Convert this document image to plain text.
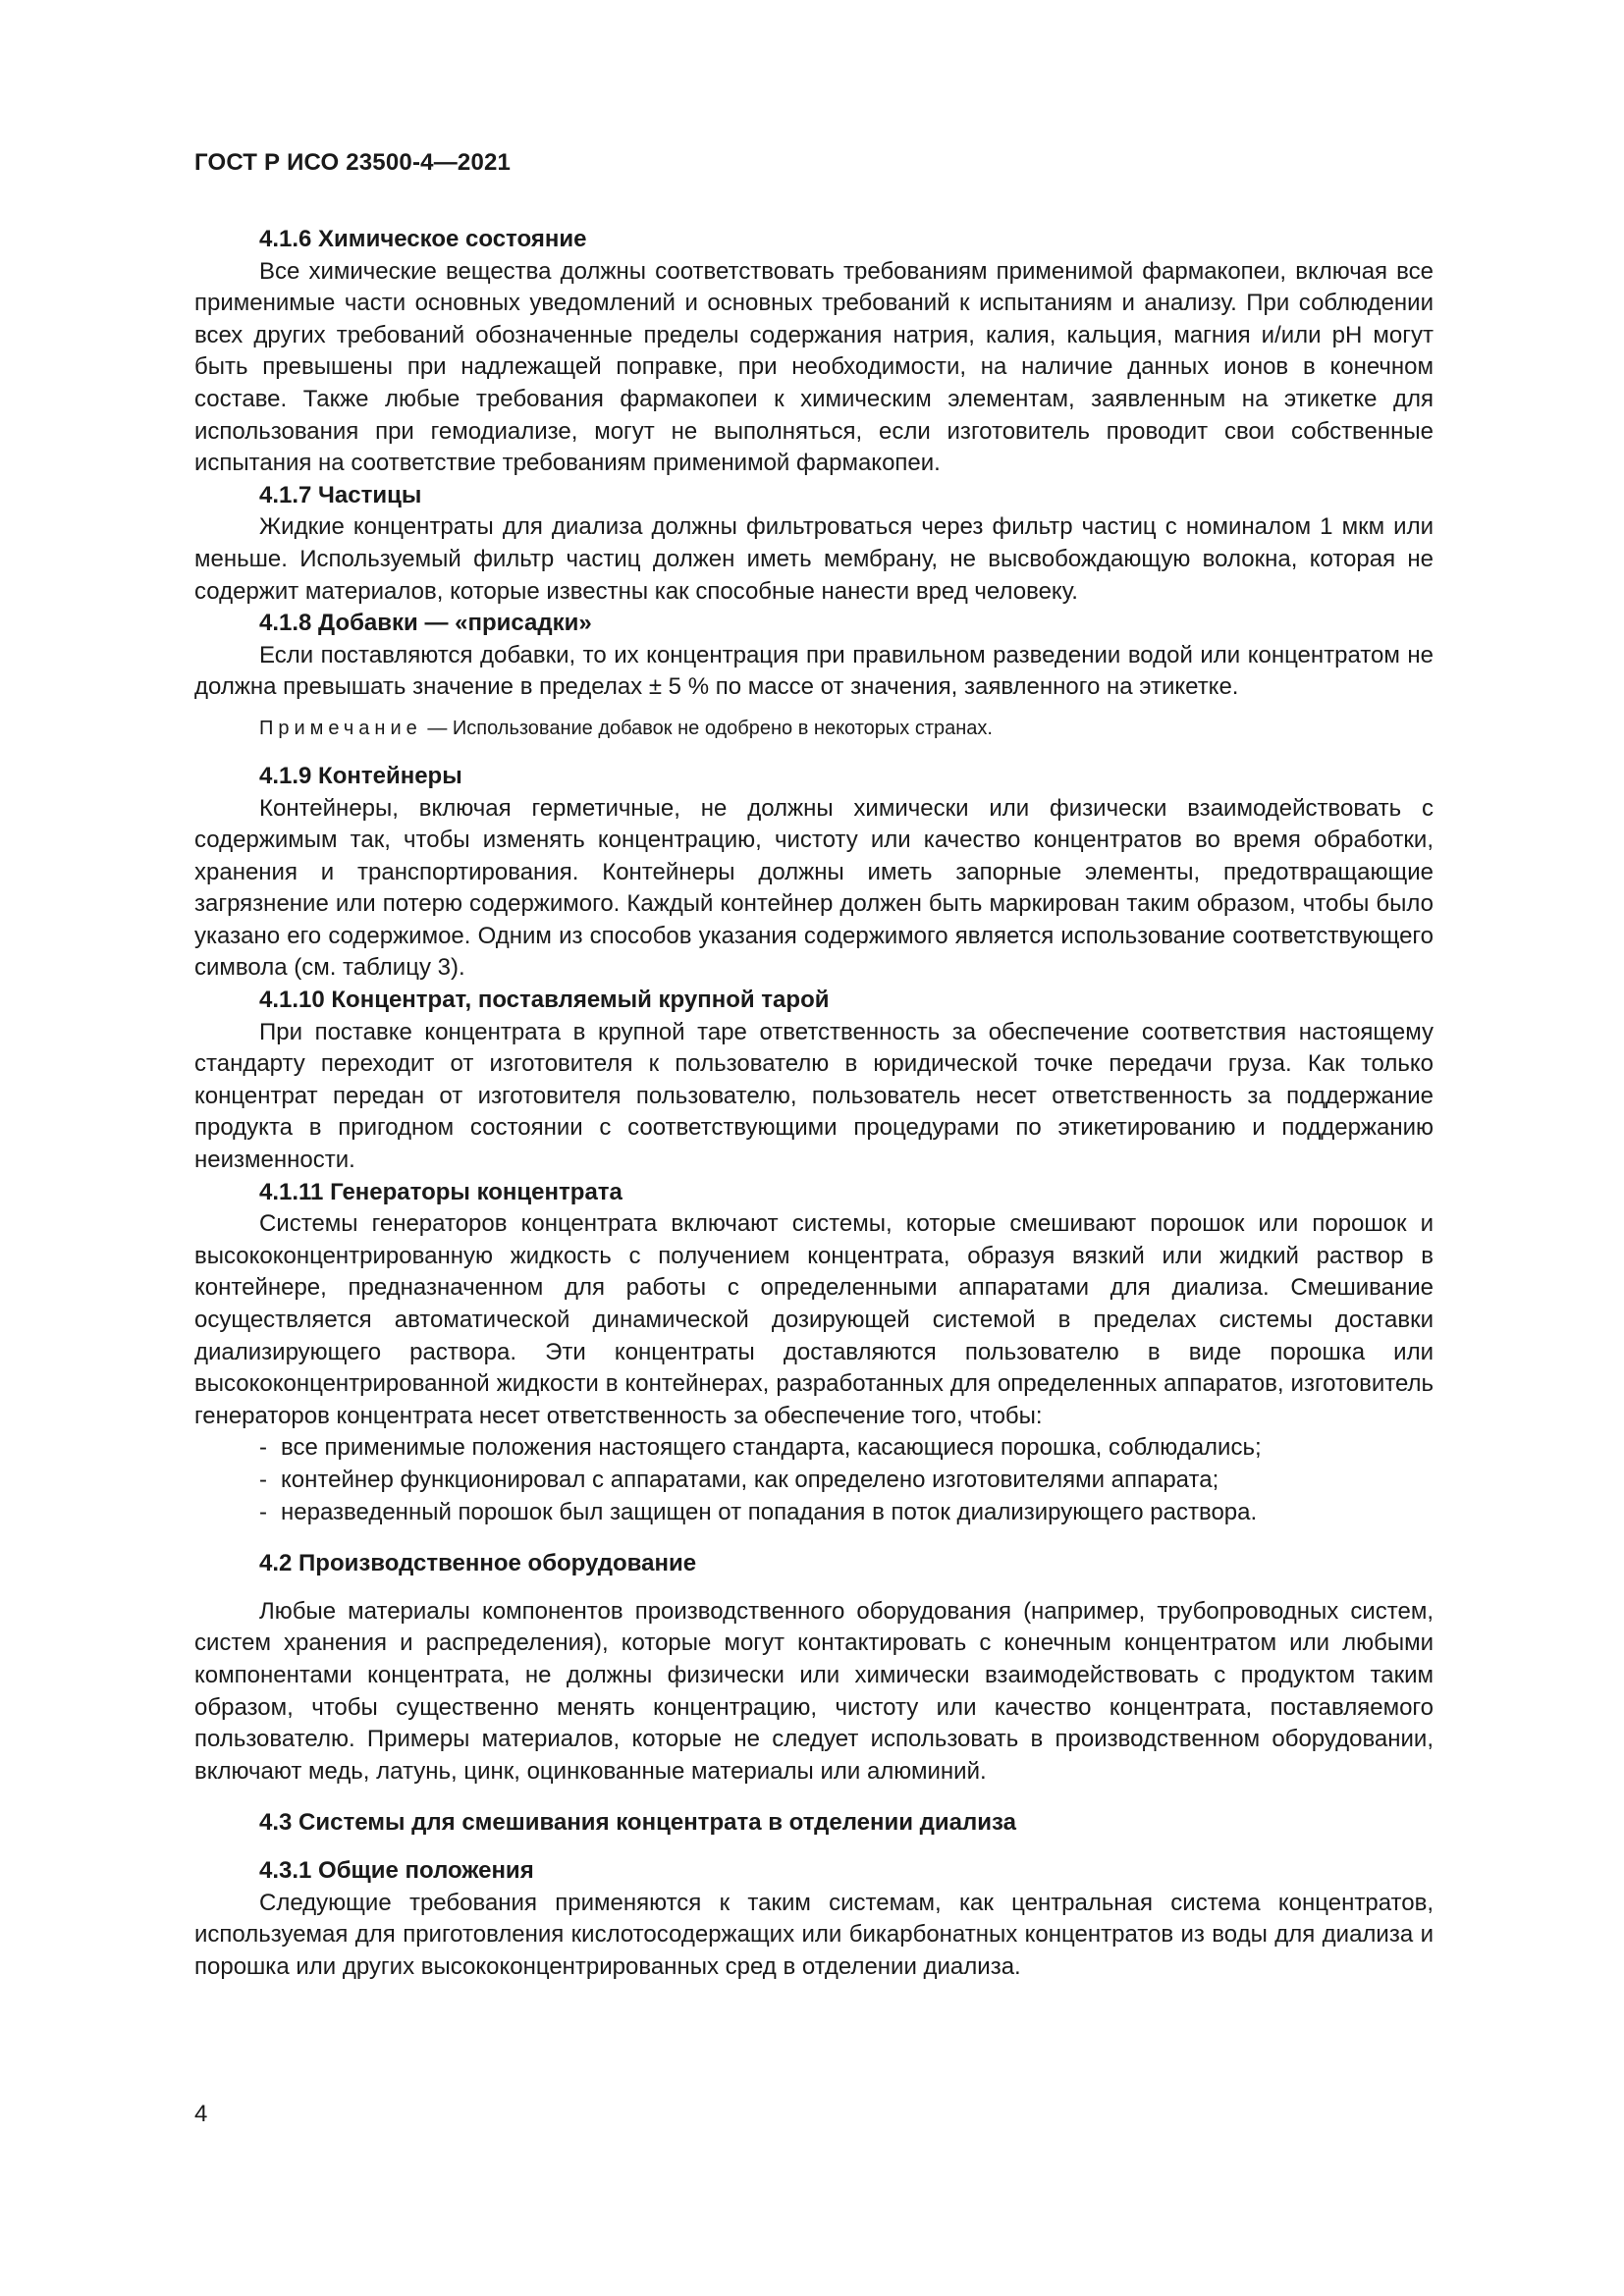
ГОСТ Р ИСО 23500-4—2021

4.1.6 Химическое состояние

Все химические вещества должны соответствовать требованиям применимой фармакопеи, включая все применимые части основных уведомлений и основных требований к испытаниям и анализу. При соблюдении всех других требований обозначенные пределы содержания натрия, калия, кальция, магния и/или pH могут быть превышены при надлежащей поправке, при необходимости, на наличие данных ионов в конечном составе. Также любые требования фармакопеи к химическим элементам, заявленным на этикетке для использования при гемодиализе, могут не выполняться, если изготовитель проводит свои собственные испытания на соответствие требованиям применимой фармакопеи.

4.1.7 Частицы

Жидкие концентраты для диализа должны фильтроваться через фильтр частиц с номиналом 1 мкм или меньше. Используемый фильтр частиц должен иметь мембрану, не высвобождающую волокна, которая не содержит материалов, которые известны как способные нанести вред человеку.

4.1.8 Добавки — «присадки»

Если поставляются добавки, то их концентрация при правильном разведении водой или концентратом не должна превышать значение в пределах ± 5 % по массе от значения, заявленного на этикетке.

Примечание — Использование добавок не одобрено в некоторых странах.

4.1.9 Контейнеры

Контейнеры, включая герметичные, не должны химически или физически взаимодействовать с содержимым так, чтобы изменять концентрацию, чистоту или качество концентратов во время обработки, хранения и транспортирования. Контейнеры должны иметь запорные элементы, предотвращающие загрязнение или потерю содержимого. Каждый контейнер должен быть маркирован таким образом, чтобы было указано его содержимое. Одним из способов указания содержимого является использование соответствующего символа (см. таблицу 3).

4.1.10 Концентрат, поставляемый крупной тарой

При поставке концентрата в крупной таре ответственность за обеспечение соответствия настоящему стандарту переходит от изготовителя к пользователю в юридической точке передачи груза. Как только концентрат передан от изготовителя пользователю, пользователь несет ответственность за поддержание продукта в пригодном состоянии с соответствующими процедурами по этикетированию и поддержанию неизменности.

4.1.11 Генераторы концентрата

Системы генераторов концентрата включают системы, которые смешивают порошок или порошок и высококонцентрированную жидкость с получением концентрата, образуя вязкий или жидкий раствор в контейнере, предназначенном для работы с определенными аппаратами для диализа. Смешивание осуществляется автоматической динамической дозирующей системой в пределах системы доставки диализирующего раствора. Эти концентраты доставляются пользователю в виде порошка или высококонцентрированной жидкости в контейнерах, разработанных для определенных аппаратов, изготовитель генераторов концентрата несет ответственность за обеспечение того, чтобы:

- все применимые положения настоящего стандарта, касающиеся порошка, соблюдались;
- контейнер функционировал с аппаратами, как определено изготовителями аппарата;
- неразведенный порошок был защищен от попадания в поток диализирующего раствора.

4.2 Производственное оборудование

Любые материалы компонентов производственного оборудования (например, трубопроводных систем, систем хранения и распределения), которые могут контактировать с конечным концентратом или любыми компонентами концентрата, не должны физически или химически взаимодействовать с продуктом таким образом, чтобы существенно менять концентрацию, чистоту или качество концентрата, поставляемого пользователю. Примеры материалов, которые не следует использовать в производственном оборудовании, включают медь, латунь, цинк, оцинкованные материалы или алюминий.

4.3 Системы для смешивания концентрата в отделении диализа

4.3.1 Общие положения

Следующие требования применяются к таким системам, как центральная система концентратов, используемая для приготовления кислотосодержащих или бикарбонатных концентратов из воды для диализа и порошка или других высококонцентрированных сред в отделении диализа.

4
